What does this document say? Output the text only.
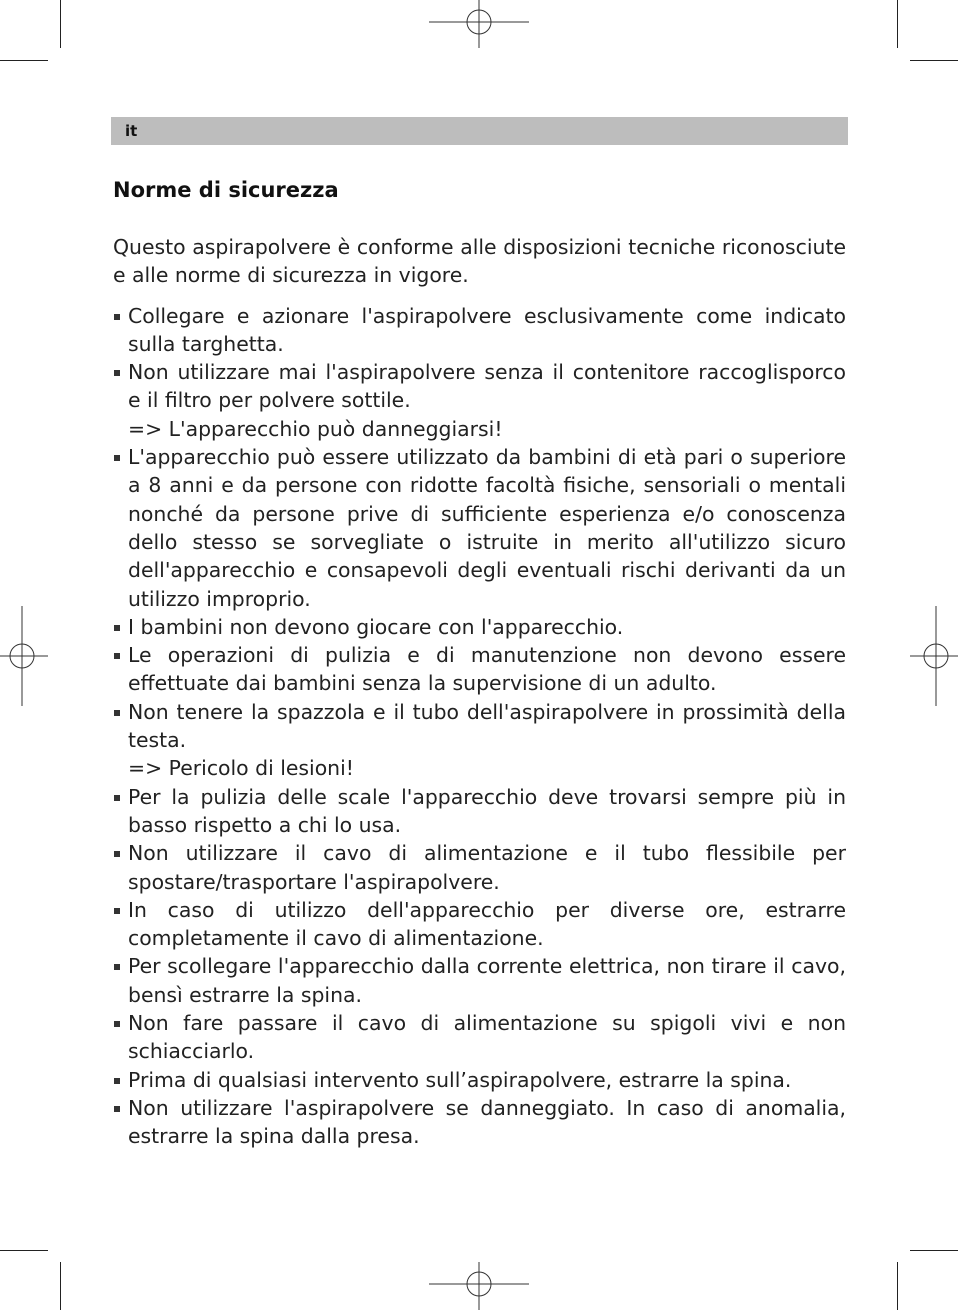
it
Norme di sicurezza

Questo aspirapolvere è conforme alle disposizioni tecniche riconosciute e alle norme di sicurezza in vigore.

Collegare e azionare l'aspirapolvere esclusivamente come indicato sulla targhetta.
Non utilizzare mai l'aspirapolvere senza il contenitore raccoglisporco e il filtro per polvere sottile.
=> L'apparecchio può danneggiarsi!
L'apparecchio può essere utilizzato da bambini di età pari o superiore a 8 anni e da persone con ridotte facoltà fisiche, sensoriali o mentali nonché da persone prive di sufficiente esperienza e/o conoscenza dello stesso se sorvegliate o istruite in merito all'utilizzo sicuro dell'apparecchio e consapevoli degli eventuali rischi derivanti da un utilizzo improprio.
I bambini non devono giocare con l'apparecchio.
Le operazioni di pulizia e di manutenzione non devono essere effettuate dai bambini senza la supervisione di un adulto.
Non tenere la spazzola e il tubo dell'aspirapolvere in prossimità della testa.
=> Pericolo di lesioni!
Per la pulizia delle scale l'apparecchio deve trovarsi sempre più in basso rispetto a chi lo usa.
Non utilizzare il cavo di alimentazione e il tubo flessibile per spostare/trasportare l'aspirapolvere.
In caso di utilizzo dell'apparecchio per diverse ore, estrarre completamente il cavo di alimentazione.
Per scollegare l'apparecchio dalla corrente elettrica, non tirare il cavo, bensì estrarre la spina.
Non fare passare il cavo di alimentazione su spigoli vivi e non schiacciarlo.
Prima di qualsiasi intervento sull’aspirapolvere, estrarre la spina.
Non utilizzare l'aspirapolvere se danneggiato. In caso di anomalia, estrarre la spina dalla presa.
